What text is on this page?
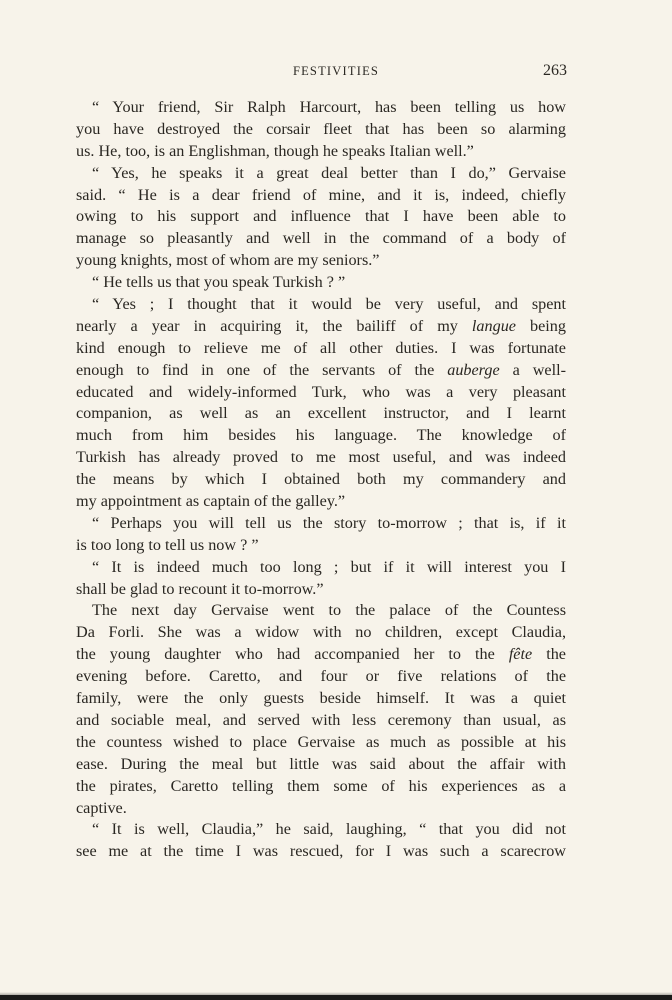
FESTIVITIES	263
“ Your friend, Sir Ralph Harcourt, has been telling us how
you have destroyed the corsair fleet that has been so alarming
us. He, too, is an Englishman, though he speaks Italian well.”
“ Yes, he speaks it a great deal better than I do,” Gervaise
said. “ He is a dear friend of mine, and it is, indeed, chiefly
owing to his support and influence that I have been able to
manage so pleasantly and well in the command of a body of
young knights, most of whom are my seniors.”
“ He tells us that you speak Turkish ? ”
“ Yes ; I thought that it would be very useful, and spent
nearly a year in acquiring it, the bailiff of my langue being
kind enough to relieve me of all other duties. I was fortunate
enough to find in one of the servants of the auberge a well-
educated and widely-informed Turk, who was a very pleasant
companion, as well as an excellent instructor, and I learnt
much from him besides his language. The knowledge of
Turkish has already proved to me most useful, and was indeed
the means by which I obtained both my commandery and
my appointment as captain of the galley.”
“ Perhaps you will tell us the story to-morrow ; that is, if it
is too long to tell us now ? ”
“ It is indeed much too long ; but if it will interest you I
shall be glad to recount it to-morrow.”
The next day Gervaise went to the palace of the Countess
Da Forli. She was a widow with no children, except Claudia,
the young daughter who had accompanied her to the fête the
evening before. Caretto, and four or five relations of the
family, were the only guests beside himself. It was a quiet
and sociable meal, and served with less ceremony than usual, as
the countess wished to place Gervaise as much as possible at his
ease. During the meal but little was said about the affair with
the pirates, Caretto telling them some of his experiences as a
captive.
“ It is well, Claudia,” he said, laughing, “ that you did not
see me at the time I was rescued, for I was such a scarecrow
